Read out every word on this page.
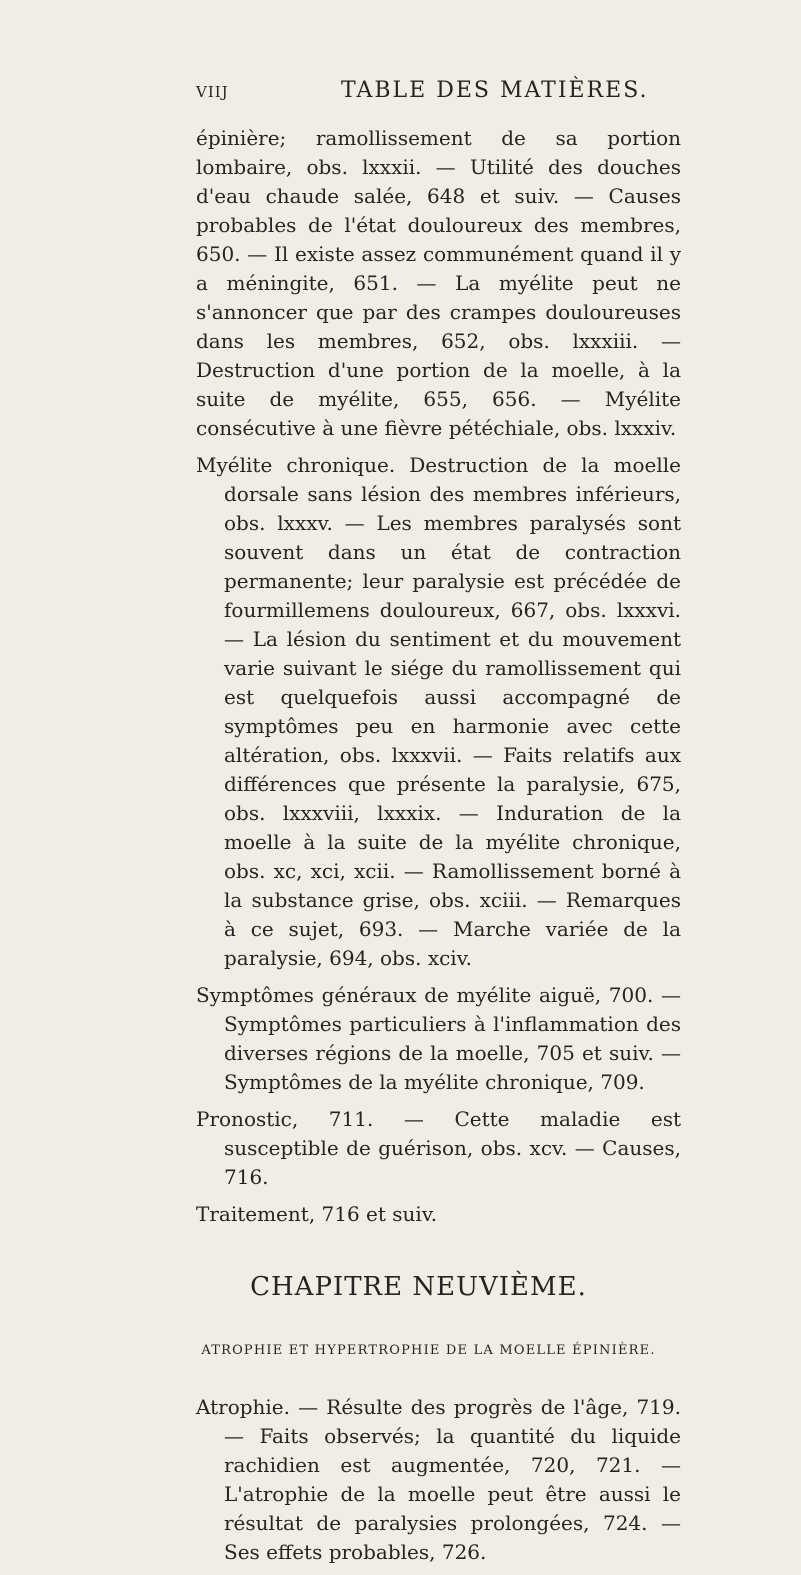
viij	TABLE DES MATIÈRES.

épinière; ramollissement de sa portion lombaire, obs. lxxxii. — Utilité des douches d'eau chaude salée, 648 et suiv. — Causes probables de l'état douloureux des membres, 650. — Il existe assez communément quand il y a méningite, 651. — La myélite peut ne s'annoncer que par des crampes douloureuses dans les membres, 652, obs. lxxxiii. — Destruction d'une portion de la moelle, à la suite de myélite, 655, 656. — Myélite consécutive à une fièvre pétéchiale, obs. lxxxiv.

Myélite chronique. Destruction de la moelle dorsale sans lésion des membres inférieurs, obs. lxxxv. — Les membres paralysés sont souvent dans un état de contraction permanente; leur paralysie est précédée de fourmillemens douloureux, 667, obs. lxxxvi. — La lésion du sentiment et du mouvement varie suivant le siége du ramollissement qui est quelquefois aussi accompagné de symptômes peu en harmonie avec cette altération, obs. lxxxvii. — Faits relatifs aux différences que présente la paralysie, 675, obs. lxxxviii, lxxxix. — Induration de la moelle à la suite de la myélite chronique, obs. xc, xci, xcii. — Ramollissement borné à la substance grise, obs. xciii. — Remarques à ce sujet, 693. — Marche variée de la paralysie, 694, obs. xciv.

Symptômes généraux de myélite aiguë, 700. — Symptômes particuliers à l'inflammation des diverses régions de la moelle, 705 et suiv. — Symptômes de la myélite chronique, 709.

Pronostic, 711. — Cette maladie est susceptible de guérison, obs. xcv. — Causes, 716.

Traitement, 716 et suiv.

CHAPITRE NEUVIÈME.
ATROPHIE ET HYPERTROPHIE DE LA MOELLE ÉPINIÈRE.

Atrophie. — Résulte des progrès de l'âge, 719. — Faits observés; la quantité du liquide rachidien est augmentée, 720, 721. — L'atrophie de la moelle peut être aussi le résultat de paralysies prolongées, 724. — Ses effets probables, 726.
